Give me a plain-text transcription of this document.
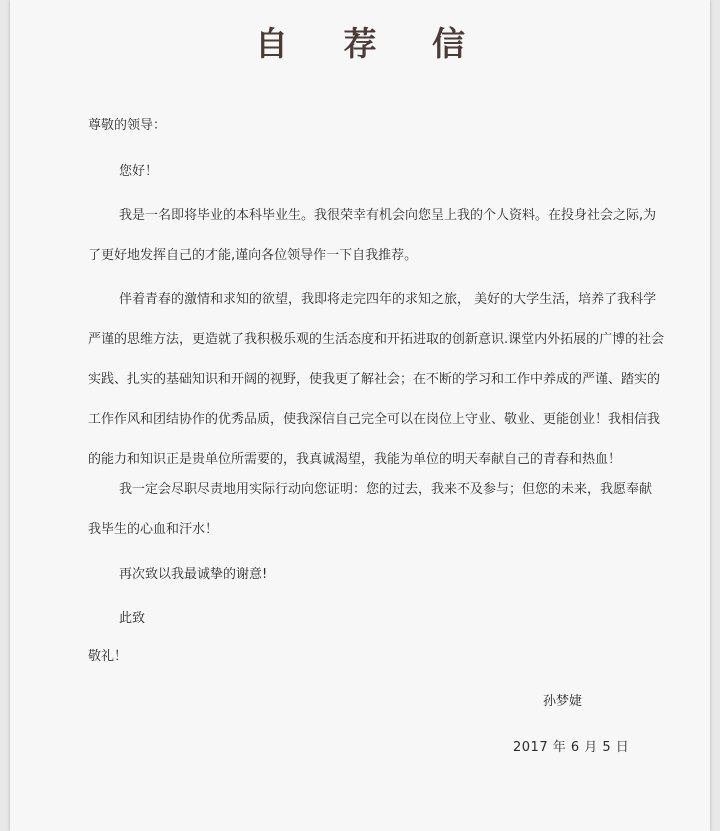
自 荐 信

尊敬的领导：

您好！

我是一名即将毕业的本科毕业生。我很荣幸有机会向您呈上我的个人资料。在投身社会之际,为
了更好地发挥自己的才能,谨向各位领导作一下自我推荐。
伴着青春的激情和求知的欲望，我即将走完四年的求知之旅， 美好的大学生活，培养了我科学
严谨的思维方法，更造就了我积极乐观的生活态度和开拓进取的创新意识.课堂内外拓展的广博的社会
实践、扎实的基础知识和开阔的视野，使我更了解社会；在不断的学习和工作中养成的严谨、踏实的
工作作风和团结协作的优秀品质，使我深信自己完全可以在岗位上守业、敬业、更能创业！我相信我
的能力和知识正是贵单位所需要的，我真诚渴望，我能为单位的明天奉献自己的青春和热血！
我一定会尽职尽责地用实际行动向您证明：您的过去，我来不及参与；但您的未来，我愿奉献
我毕生的心血和汗水！

再次致以我最诚挚的谢意!

此致

敬礼！

孙梦婕

2017 年 6 月 5 日
